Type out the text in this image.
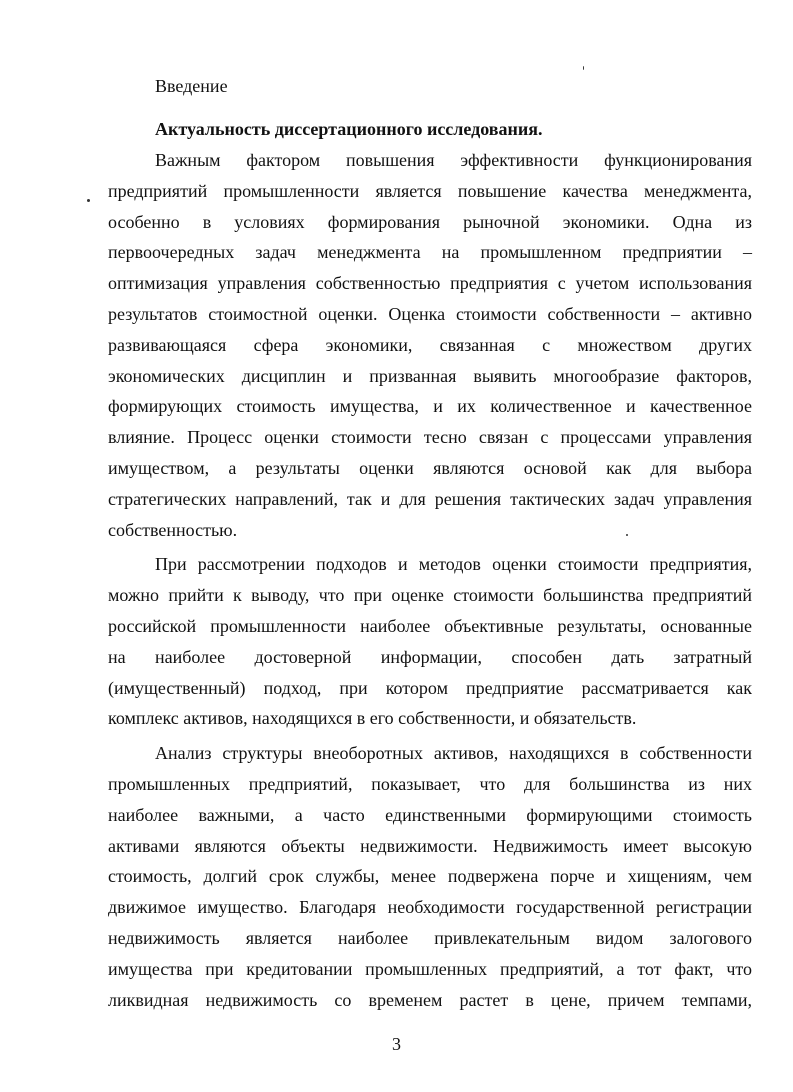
Введение
Актуальность диссертационного исследования.
Важным фактором повышения эффективности функционирования
предприятий промышленности является повышение качества менеджмента,
особенно в условиях формирования рыночной экономики. Одна из
первоочередных задач менеджмента на промышленном предприятии –
оптимизация управления собственностью предприятия с учетом использования
результатов стоимостной оценки. Оценка стоимости собственности – активно
развивающаяся сфера экономики, связанная с множеством других
экономических дисциплин и призванная выявить многообразие факторов,
формирующих стоимость имущества, и их количественное и качественное
влияние. Процесс оценки стоимости тесно связан с процессами управления
имуществом, а результаты оценки являются основой как для выбора
стратегических направлений, так и для решения тактических задач управления
собственностью.
При рассмотрении подходов и методов оценки стоимости предприятия,
можно прийти к выводу, что при оценке стоимости большинства предприятий
российской промышленности наиболее объективные результаты, основанные
на наиболее достоверной информации, способен дать затратный
(имущественный) подход, при котором предприятие рассматривается как
комплекс активов, находящихся в его собственности, и обязательств.
Анализ структуры внеоборотных активов, находящихся в собственности
промышленных предприятий, показывает, что для большинства из них
наиболее важными, а часто единственными формирующими стоимость
активами являются объекты недвижимости. Недвижимость имеет высокую
стоимость, долгий срок службы, менее подвержена порче и хищениям, чем
движимое имущество. Благодаря необходимости государственной регистрации
недвижимость является наиболее привлекательным видом залогового
имущества при кредитовании промышленных предприятий, а тот факт, что
ликвидная недвижимость со временем растет в цене, причем темпами,
3
